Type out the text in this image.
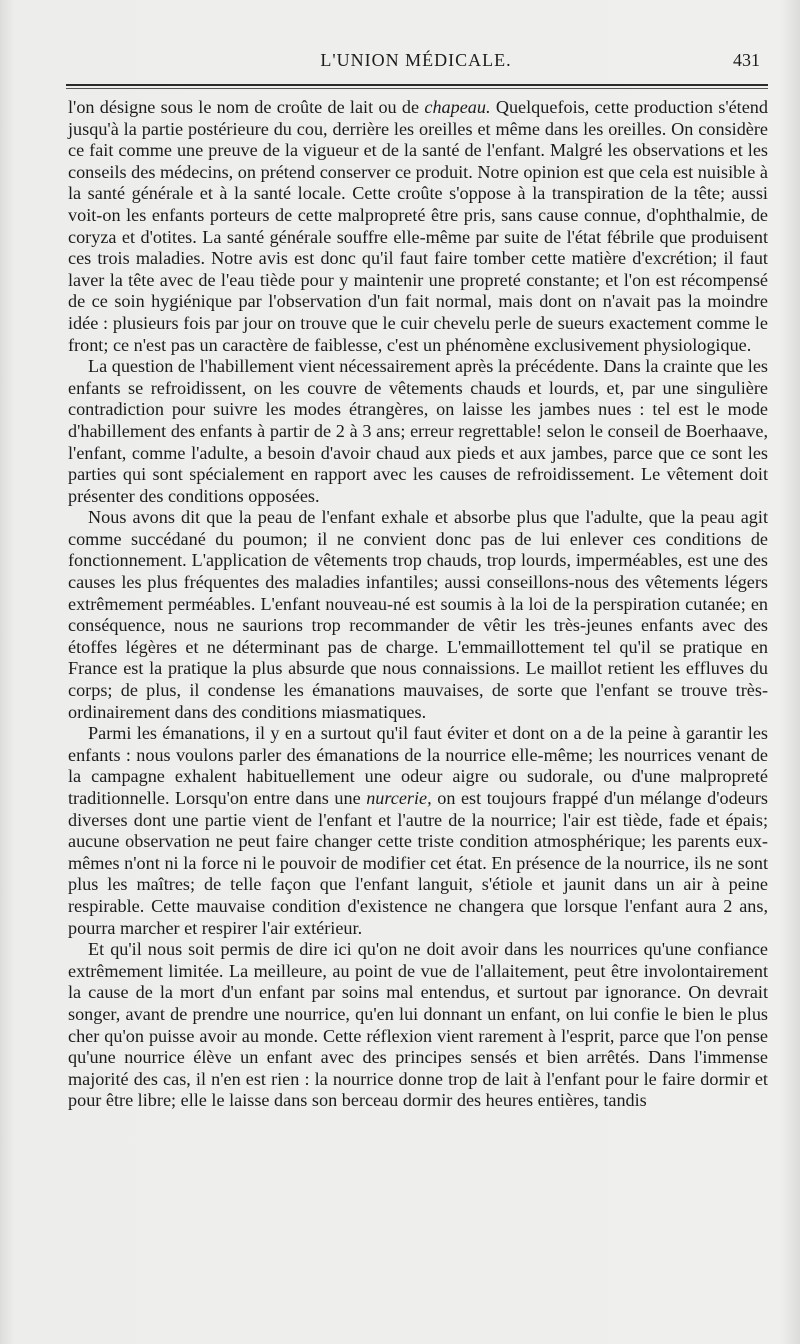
L'UNION MÉDICALE.	431

l'on désigne sous le nom de croûte de lait ou de chapeau. Quelquefois, cette production s'étend jusqu'à la partie postérieure du cou, derrière les oreilles et même dans les oreilles. On considère ce fait comme une preuve de la vigueur et de la santé de l'enfant. Malgré les observations et les conseils des médecins, on prétend conserver ce produit. Notre opinion est que cela est nuisible à la santé générale et à la santé locale. Cette croûte s'oppose à la transpiration de la tête; aussi voit-on les enfants porteurs de cette malpropreté être pris, sans cause connue, d'ophthalmie, de coryza et d'otites. La santé générale souffre elle-même par suite de l'état fébrile que produisent ces trois maladies. Notre avis est donc qu'il faut faire tomber cette matière d'excrétion; il faut laver la tête avec de l'eau tiède pour y maintenir une propreté constante; et l'on est récompensé de ce soin hygiénique par l'observation d'un fait normal, mais dont on n'avait pas la moindre idée : plusieurs fois par jour on trouve que le cuir chevelu perle de sueurs exactement comme le front; ce n'est pas un caractère de faiblesse, c'est un phénomène exclusivement physiologique.

La question de l'habillement vient nécessairement après la précédente. Dans la crainte que les enfants se refroidissent, on les couvre de vêtements chauds et lourds, et, par une singulière contradiction pour suivre les modes étrangères, on laisse les jambes nues : tel est le mode d'habillement des enfants à partir de 2 à 3 ans; erreur regrettable! selon le conseil de Boerhaave, l'enfant, comme l'adulte, a besoin d'avoir chaud aux pieds et aux jambes, parce que ce sont les parties qui sont spécialement en rapport avec les causes de refroidissement. Le vêtement doit présenter des conditions opposées.

Nous avons dit que la peau de l'enfant exhale et absorbe plus que l'adulte, que la peau agit comme succédané du poumon; il ne convient donc pas de lui enlever ces conditions de fonctionnement. L'application de vêtements trop chauds, trop lourds, imperméables, est une des causes les plus fréquentes des maladies infantiles; aussi conseillons-nous des vêtements légers extrêmement perméables. L'enfant nouveau-né est soumis à la loi de la perspiration cutanée; en conséquence, nous ne saurions trop recommander de vêtir les très-jeunes enfants avec des étoffes légères et ne déterminant pas de charge. L'emmaillottement tel qu'il se pratique en France est la pratique la plus absurde que nous connaissions. Le maillot retient les effluves du corps; de plus, il condense les émanations mauvaises, de sorte que l'enfant se trouve très-ordinairement dans des conditions miasmatiques.

Parmi les émanations, il y en a surtout qu'il faut éviter et dont on a de la peine à garantir les enfants : nous voulons parler des émanations de la nourrice elle-même; les nourrices venant de la campagne exhalent habituellement une odeur aigre ou sudorale, ou d'une malpropreté traditionnelle. Lorsqu'on entre dans une nurcerie, on est toujours frappé d'un mélange d'odeurs diverses dont une partie vient de l'enfant et l'autre de la nourrice; l'air est tiède, fade et épais; aucune observation ne peut faire changer cette triste condition atmosphérique; les parents eux-mêmes n'ont ni la force ni le pouvoir de modifier cet état. En présence de la nourrice, ils ne sont plus les maîtres; de telle façon que l'enfant languit, s'étiole et jaunit dans un air à peine respirable. Cette mauvaise condition d'existence ne changera que lorsque l'enfant aura 2 ans, pourra marcher et respirer l'air extérieur.

Et qu'il nous soit permis de dire ici qu'on ne doit avoir dans les nourrices qu'une confiance extrêmement limitée. La meilleure, au point de vue de l'allaitement, peut être involontairement la cause de la mort d'un enfant par soins mal entendus, et surtout par ignorance. On devrait songer, avant de prendre une nourrice, qu'en lui donnant un enfant, on lui confie le bien le plus cher qu'on puisse avoir au monde. Cette réflexion vient rarement à l'esprit, parce que l'on pense qu'une nourrice élève un enfant avec des principes sensés et bien arrêtés. Dans l'immense majorité des cas, il n'en est rien : la nourrice donne trop de lait à l'enfant pour le faire dormir et pour être libre; elle le laisse dans son berceau dormir des heures entières, tandis
